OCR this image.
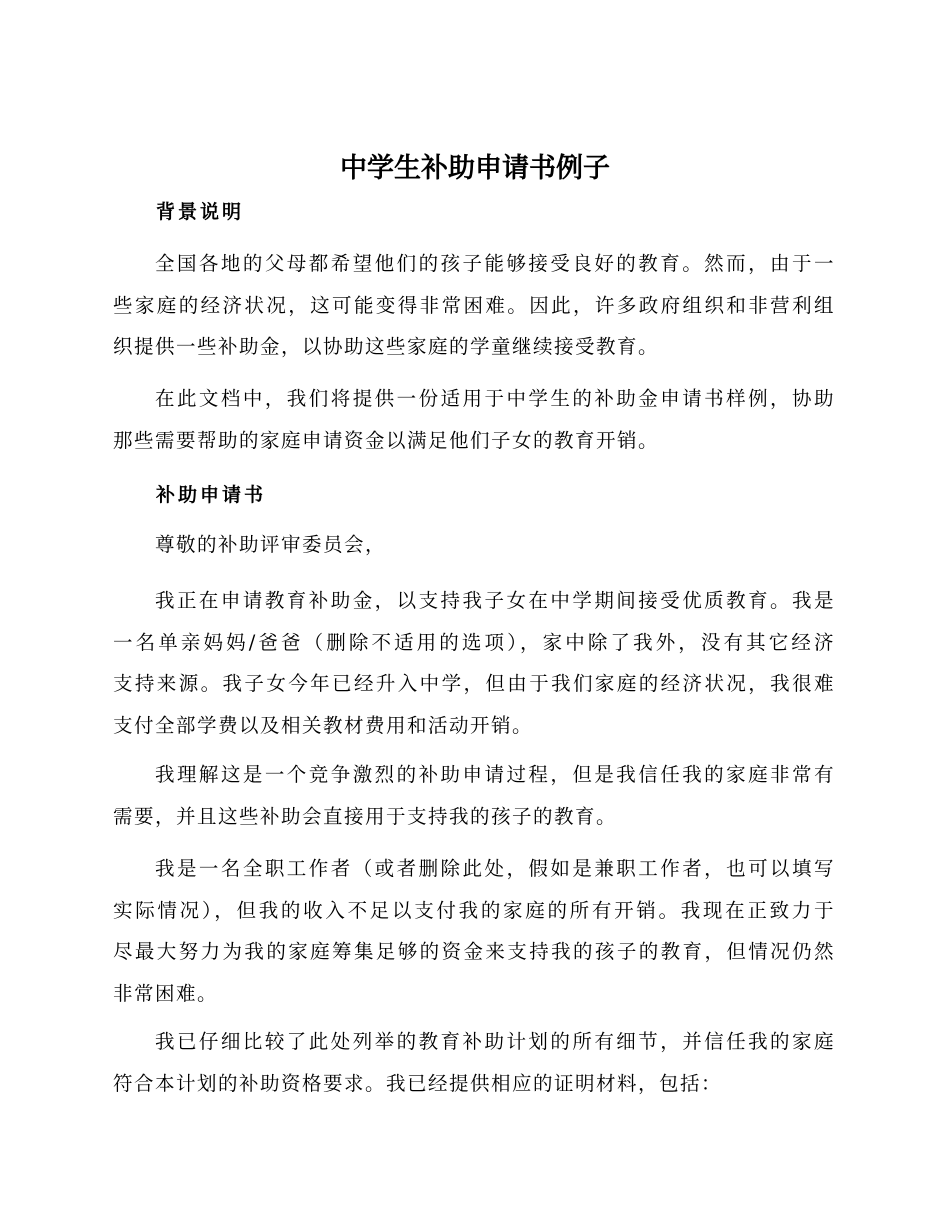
中学生补助申请书例子
背景说明
全国各地的父母都希望他们的孩子能够接受良好的教育。然而，由于一
些家庭的经济状况，这可能变得非常困难。因此，许多政府组织和非营利组
织提供一些补助金，以协助这些家庭的学童继续接受教育。
在此文档中，我们将提供一份适用于中学生的补助金申请书样例，协助
那些需要帮助的家庭申请资金以满足他们子女的教育开销。
补助申请书
尊敬的补助评审委员会，
我正在申请教育补助金，以支持我子女在中学期间接受优质教育。我是
一名单亲妈妈/爸爸（删除不适用的选项），家中除了我外，没有其它经济
支持来源。我子女今年已经升入中学，但由于我们家庭的经济状况，我很难
支付全部学费以及相关教材费用和活动开销。
我理解这是一个竞争激烈的补助申请过程，但是我信任我的家庭非常有
需要，并且这些补助会直接用于支持我的孩子的教育。
我是一名全职工作者（或者删除此处，假如是兼职工作者，也可以填写
实际情况），但我的收入不足以支付我的家庭的所有开销。我现在正致力于
尽最大努力为我的家庭筹集足够的资金来支持我的孩子的教育，但情况仍然
非常困难。
我已仔细比较了此处列举的教育补助计划的所有细节，并信任我的家庭
符合本计划的补助资格要求。我已经提供相应的证明材料，包括：
